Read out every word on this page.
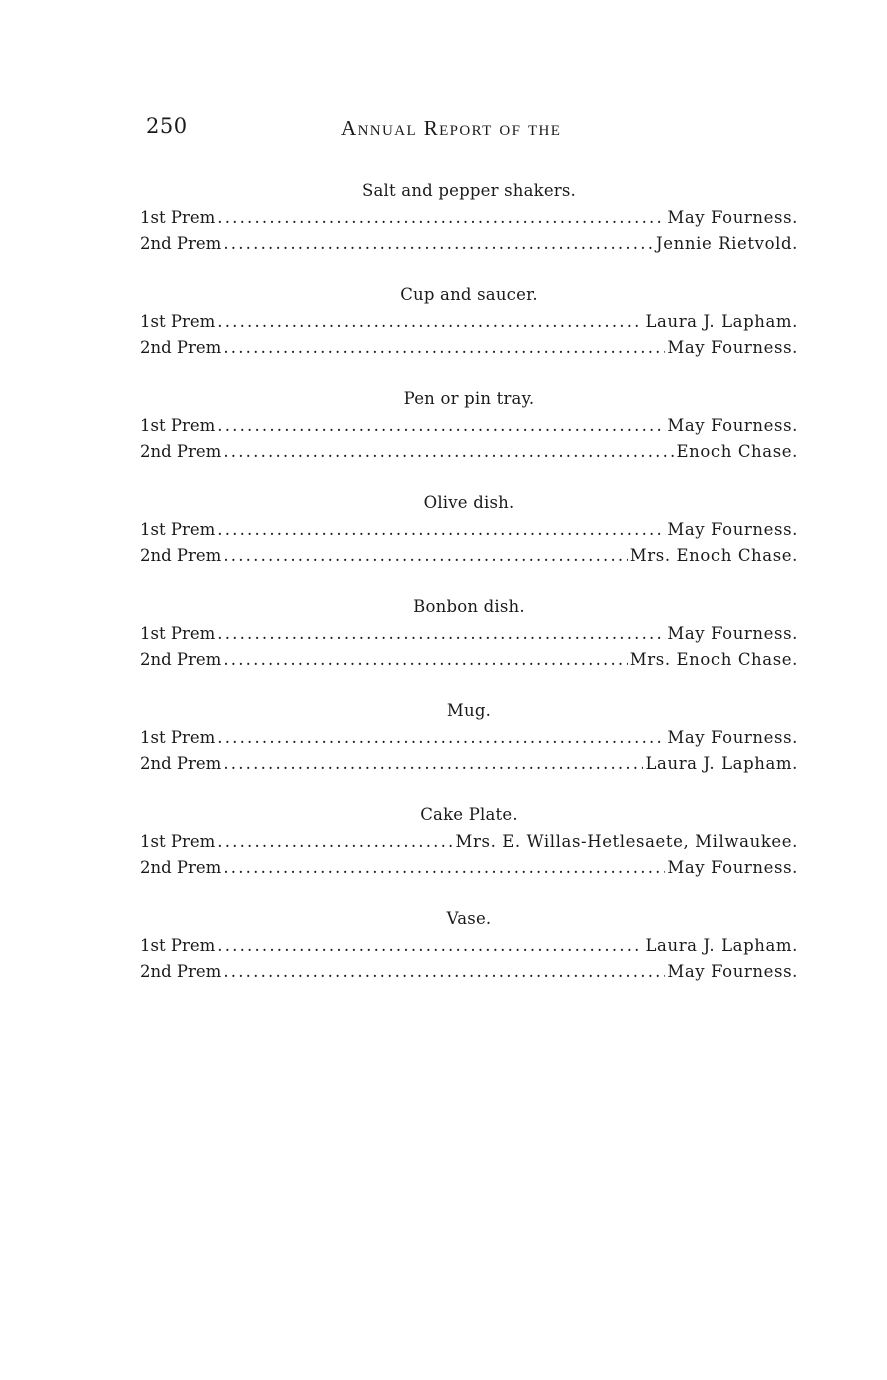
250	Annual Report of the
Salt and pepper shakers.
1st Prem .....	May Fourness.
2nd Prem .....	Jennie Rietvold.
Cup and saucer.
1st Prem .....	Laura J. Lapham.
2nd Prem .....	May Fourness.
Pen or pin tray.
1st Prem .....	May Fourness.
2nd Prem .....	Enoch Chase.
Olive dish.
1st Prem .....	May Fourness.
2nd Prem .....	Mrs. Enoch Chase.
Bonbon dish.
1st Prem .....	May Fourness.
2nd Prem .....	Mrs. Enoch Chase.
Mug.
1st Prem .....	May Fourness.
2nd Prem .....	Laura J. Lapham.
Cake Plate.
1st Prem .....	Mrs. E. Willas-Hetlesaete, Milwaukee.
2nd Prem .....	May Fourness.
Vase.
1st Prem .....	Laura J. Lapham.
2nd Prem .....	May Fourness.
